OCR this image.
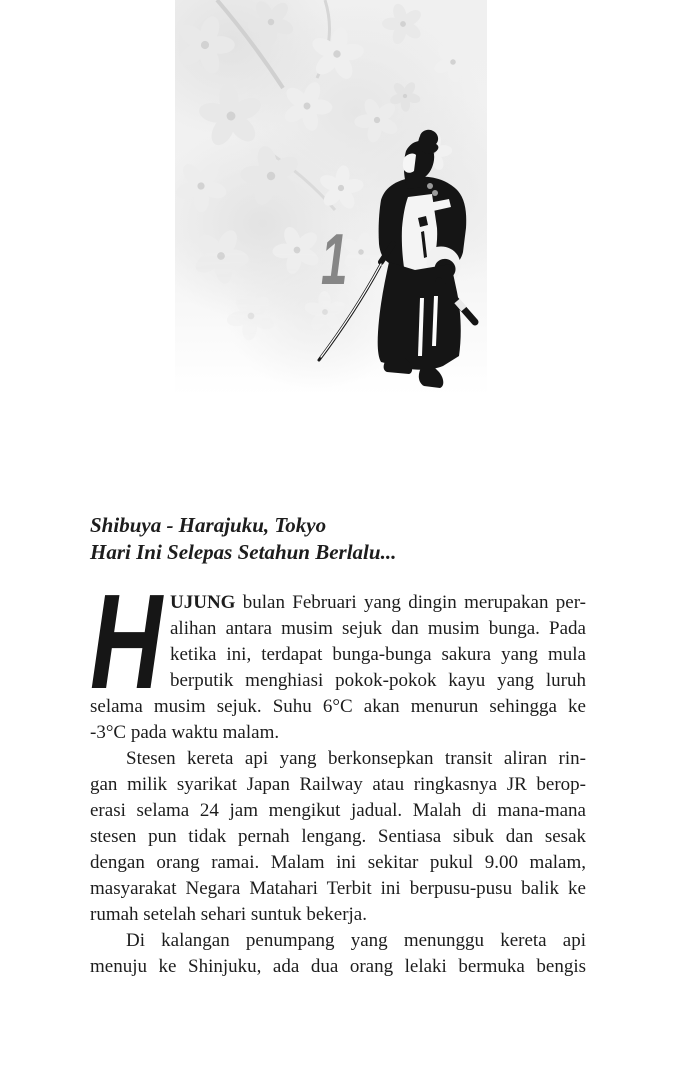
1
Shibuya - Harajuku, Tokyo
Hari Ini Selepas Setahun Berlalu...
H UJUNG bulan Februari yang dingin merupakan per-
alihan antara musim sejuk dan musim bunga. Pada
ketika ini, terdapat bunga-bunga sakura yang mula
berputik menghiasi pokok-pokok kayu yang luruh
selama musim sejuk. Suhu 6°C akan menurun sehingga ke
-3°C pada waktu malam.
Stesen kereta api yang berkonsepkan transit aliran rin-
gan milik syarikat Japan Railway atau ringkasnya JR berop-
erasi selama 24 jam mengikut jadual. Malah di mana-mana
stesen pun tidak pernah lengang. Sentiasa sibuk dan sesak
dengan orang ramai. Malam ini sekitar pukul 9.00 malam,
masyarakat Negara Matahari Terbit ini berpusu-pusu balik ke
rumah setelah sehari suntuk bekerja.
Di kalangan penumpang yang menunggu kereta api
menuju ke Shinjuku, ada dua orang lelaki bermuka bengis
